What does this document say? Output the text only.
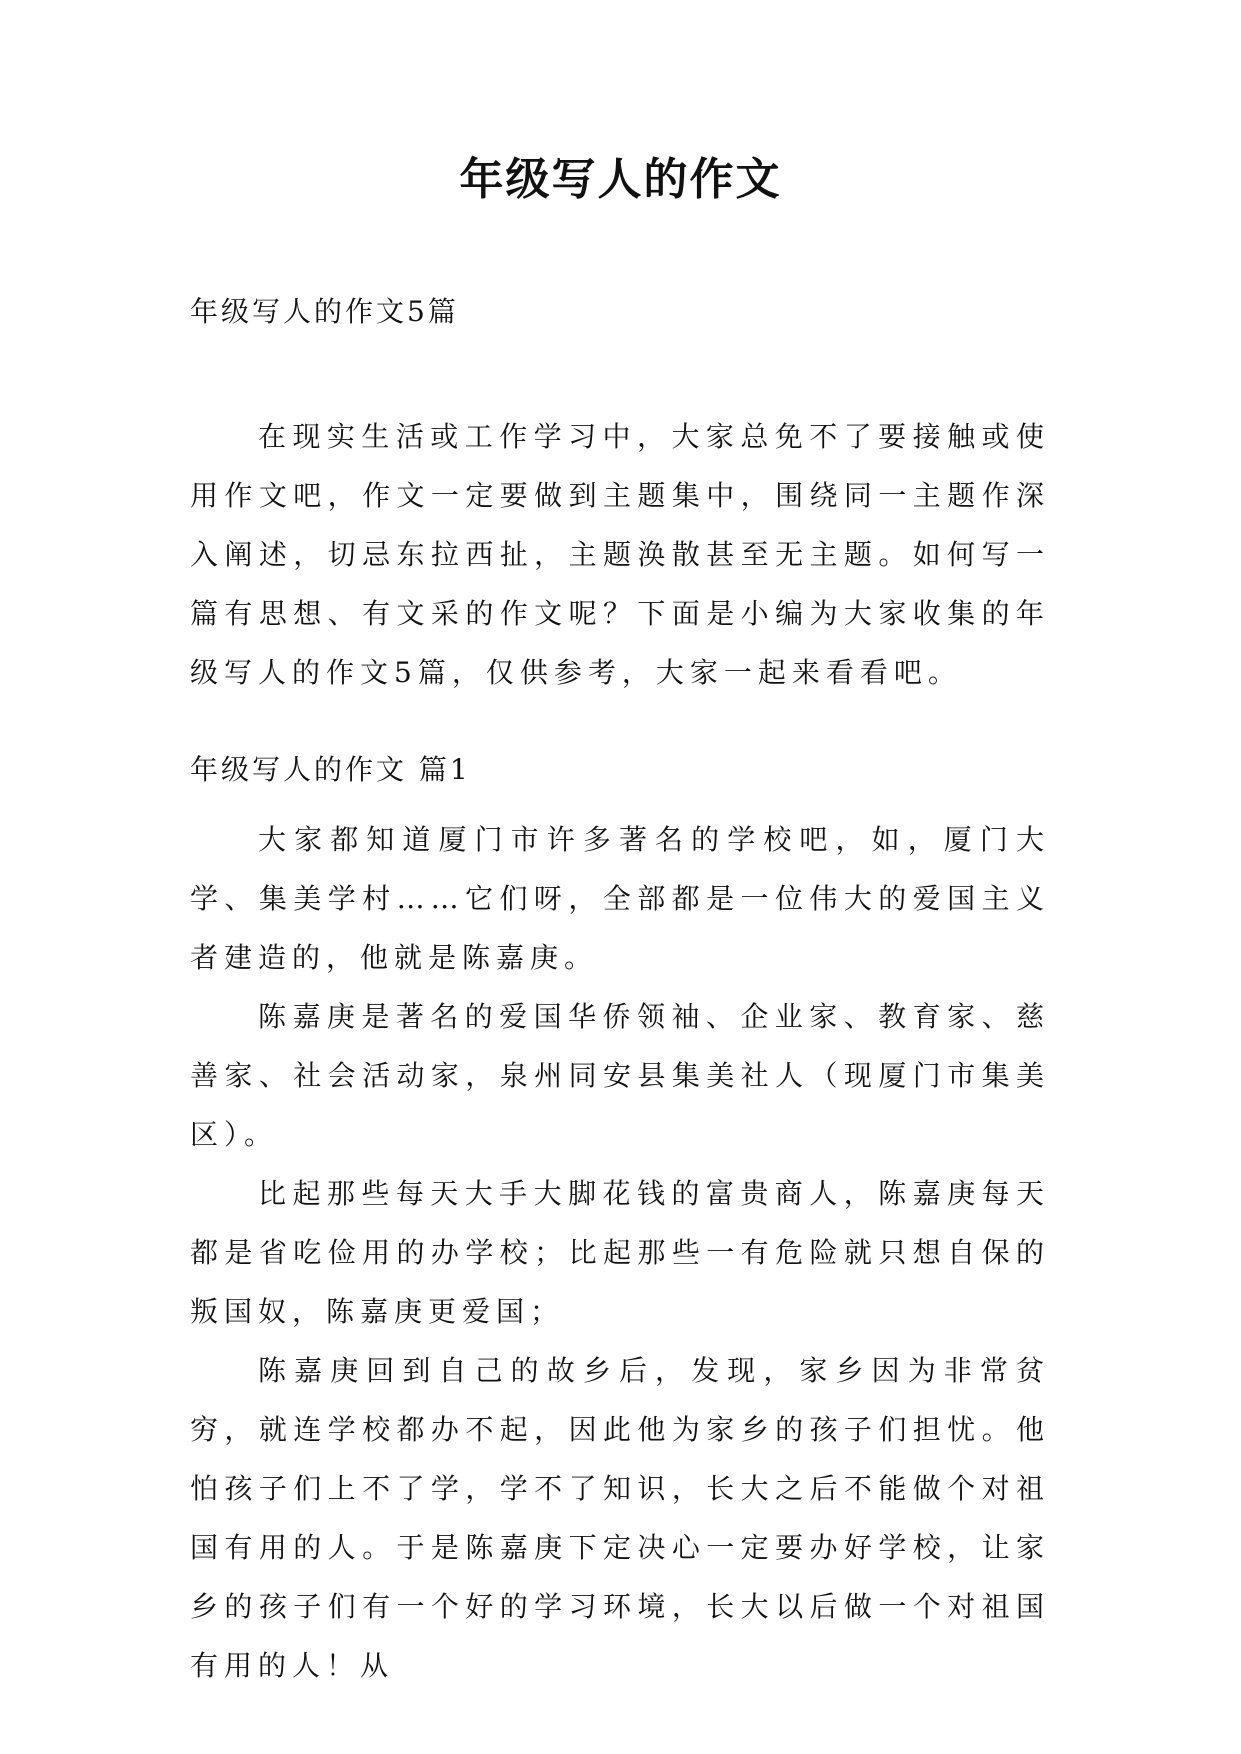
年级写人的作文
年级写人的作文5篇

在现实生活或工作学习中，大家总免不了要接触或使用作文吧，作文一定要做到主题集中，围绕同一主题作深入阐述，切忌东拉西扯，主题涣散甚至无主题。如何写一篇有思想、有文采的作文呢？下面是小编为大家收集的年级写人的作文5篇，仅供参考，大家一起来看看吧。

年级写人的作文 篇1

大家都知道厦门市许多著名的学校吧，如，厦门大学、集美学村……它们呀，全部都是一位伟大的爱国主义者建造的，他就是陈嘉庚。

陈嘉庚是著名的爱国华侨领袖、企业家、教育家、慈善家、社会活动家，泉州同安县集美社人（现厦门市集美区）。

比起那些每天大手大脚花钱的富贵商人，陈嘉庚每天都是省吃俭用的办学校；比起那些一有危险就只想自保的叛国奴，陈嘉庚更爱国；

陈嘉庚回到自己的故乡后，发现，家乡因为非常贫穷，就连学校都办不起，因此他为家乡的孩子们担忧。他怕孩子们上不了学，学不了知识，长大之后不能做个对祖国有用的人。于是陈嘉庚下定决心一定要办好学校，让家乡的孩子们有一个好的学习环境，长大以后做一个对祖国有用的人！从
